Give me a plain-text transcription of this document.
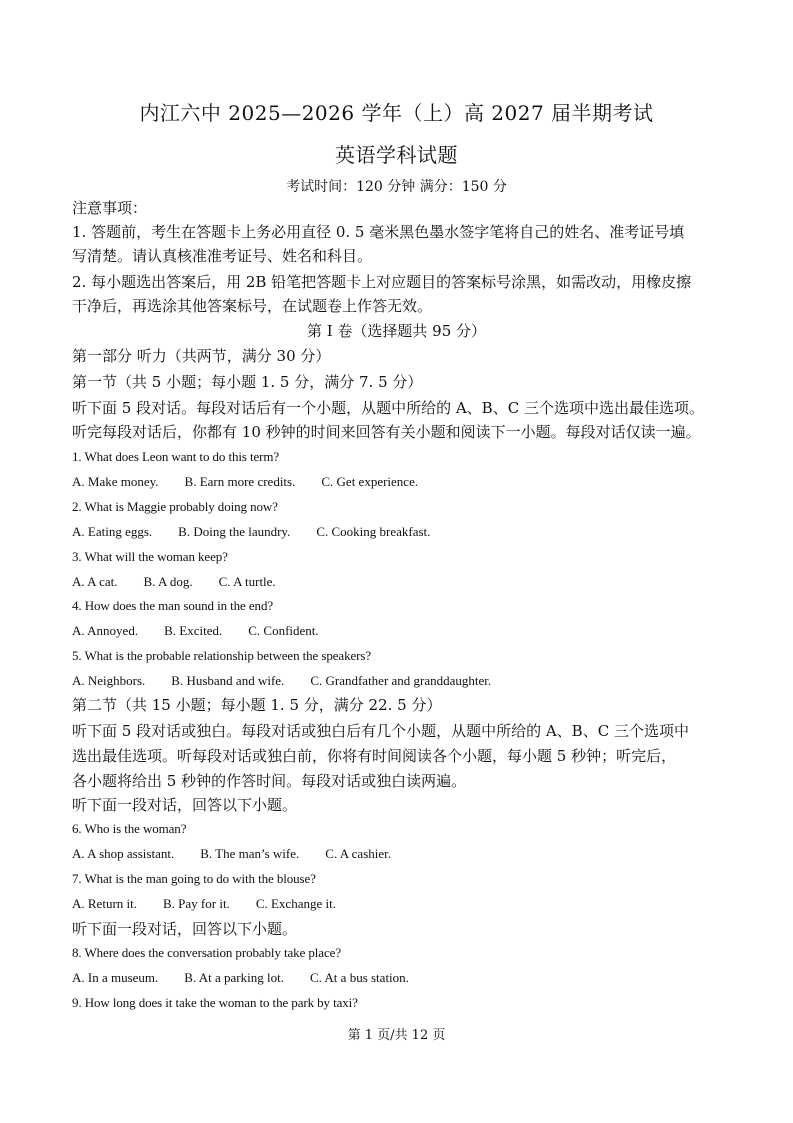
内江六中 2025—2026 学年（上）高 2027 届半期考试
英语学科试题
考试时间：120 分钟 满分：150 分
注意事项：
1. 答题前，考生在答题卡上务必用直径 0. 5 毫米黑色墨水签字笔将自己的姓名、准考证号填
写清楚。请认真核准准考证号、姓名和科目。
2. 每小题选出答案后，用 2B 铅笔把答题卡上对应题目的答案标号涂黑，如需改动，用橡皮擦
干净后，再选涂其他答案标号，在试题卷上作答无效。
第 I 卷（选择题共 95 分）
第一部分 听力（共两节，满分 30 分）
第一节（共 5 小题；每小题 1. 5 分，满分 7. 5 分）
听下面 5 段对话。每段对话后有一个小题，从题中所给的 A、B、C 三个选项中选出最佳选项。
听完每段对话后，你都有 10 秒钟的时间来回答有关小题和阅读下一小题。每段对话仅读一遍。
1. What does Leon want to do this term?
A. Make money. B. Earn more credits. C. Get experience.
2. What is Maggie probably doing now?
A. Eating eggs. B. Doing the laundry. C. Cooking breakfast.
3. What will the woman keep?
A. A cat. B. A dog. C. A turtle.
4. How does the man sound in the end?
A. Annoyed. B. Excited. C. Confident.
5. What is the probable relationship between the speakers?
A. Neighbors. B. Husband and wife. C. Grandfather and granddaughter.
第二节（共 15 小题；每小题 1. 5 分，满分 22. 5 分）
听下面 5 段对话或独白。每段对话或独白后有几个小题，从题中所给的 A、B、C 三个选项中
选出最佳选项。听每段对话或独白前，你将有时间阅读各个小题，每小题 5 秒钟；听完后，
各小题将给出 5 秒钟的作答时间。每段对话或独白读两遍。
听下面一段对话，回答以下小题。
6. Who is the woman?
A. A shop assistant. B. The man’s wife. C. A cashier.
7. What is the man going to do with the blouse?
A. Return it. B. Pay for it. C. Exchange it.
听下面一段对话，回答以下小题。
8. Where does the conversation probably take place?
A. In a museum. B. At a parking lot. C. At a bus station.
9. How long does it take the woman to the park by taxi?
第 1 页/共 12 页
